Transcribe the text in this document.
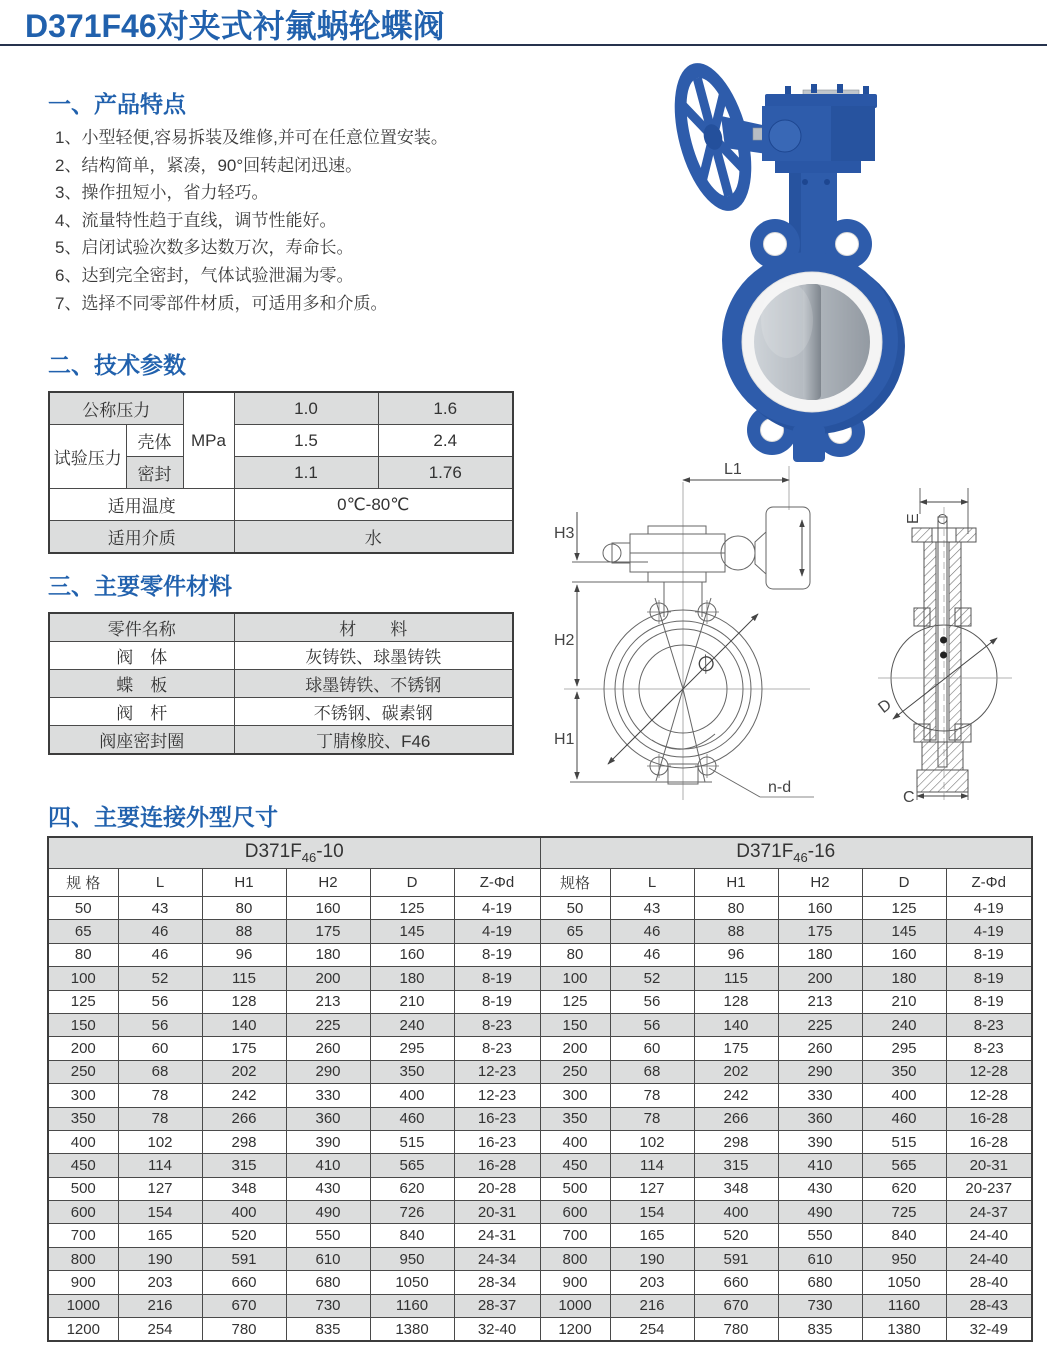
D371F46对夹式衬氟蜗轮蝶阀
一、产品特点
1、小型轻便,容易拆装及维修,并可在任意位置安装。
2、结构简单，紧凑，90°回转起闭迅速。
3、操作扭短小，省力轻巧。
4、流量特性趋于直线，调节性能好。
5、启闭试验次数多达数万次，寿命长。
6、达到完全密封，气体试验泄漏为零。
7、选择不同零部件材质，可适用多和介质。
二、技术参数
公称压力		MPa	1.0	1.6
试验压力	壳体		1.5	2.4
	密封		1.1	1.76
适用温度			0℃-80℃	
适用介质			水	
三、主要零件材料
零件名称	材　　料
阀　体	灰铸铁、球墨铸铁
蝶　板	球墨铸铁、不锈钢
阀　杆	不锈钢、碳素钢
阀座密封圈	丁腈橡胶、F46
四、主要连接外型尺寸
$D371F_{46}-10$						$D371F_{46}-16$					
规 格	L	H1	H2	D	Z-Φd	规格	L	H1	H2	D	Z-Φd
50	43	80	160	125	4-19	50	43	80	160	125	4-19
65	46	88	175	145	4-19	65	46	88	175	145	4-19
80	46	96	180	160	8-19	80	46	96	180	160	8-19
100	52	115	200	180	8-19	100	52	115	200	180	8-19
125	56	128	213	210	8-19	125	56	128	213	210	8-19
150	56	140	225	240	8-23	150	56	140	225	240	8-23
200	60	175	260	295	8-23	200	60	175	260	295	8-23
250	68	202	290	350	12-23	250	68	202	290	350	12-28
300	78	242	330	400	12-23	300	78	242	330	400	12-28
350	78	266	360	460	16-23	350	78	266	360	460	16-28
400	102	298	390	515	16-23	400	102	298	390	515	16-28
450	114	315	410	565	16-28	450	114	315	410	565	20-31
500	127	348	430	620	20-28	500	127	348	430	620	20-237
600	154	400	490	726	20-31	600	154	400	490	725	24-37
700	165	520	550	840	24-31	700	165	520	550	840	24-40
800	190	591	610	950	24-34	800	190	591	610	950	24-40
900	203	660	680	1050	28-34	900	203	660	680	1050	28-40
1000	216	670	730	1160	28-37	1000	216	670	730	1160	28-43
1200	254	780	835	1380	32-40	1200	254	780	835	1380	32-49
L1
H3
H2
H1
∅
n-d
E
D
C
